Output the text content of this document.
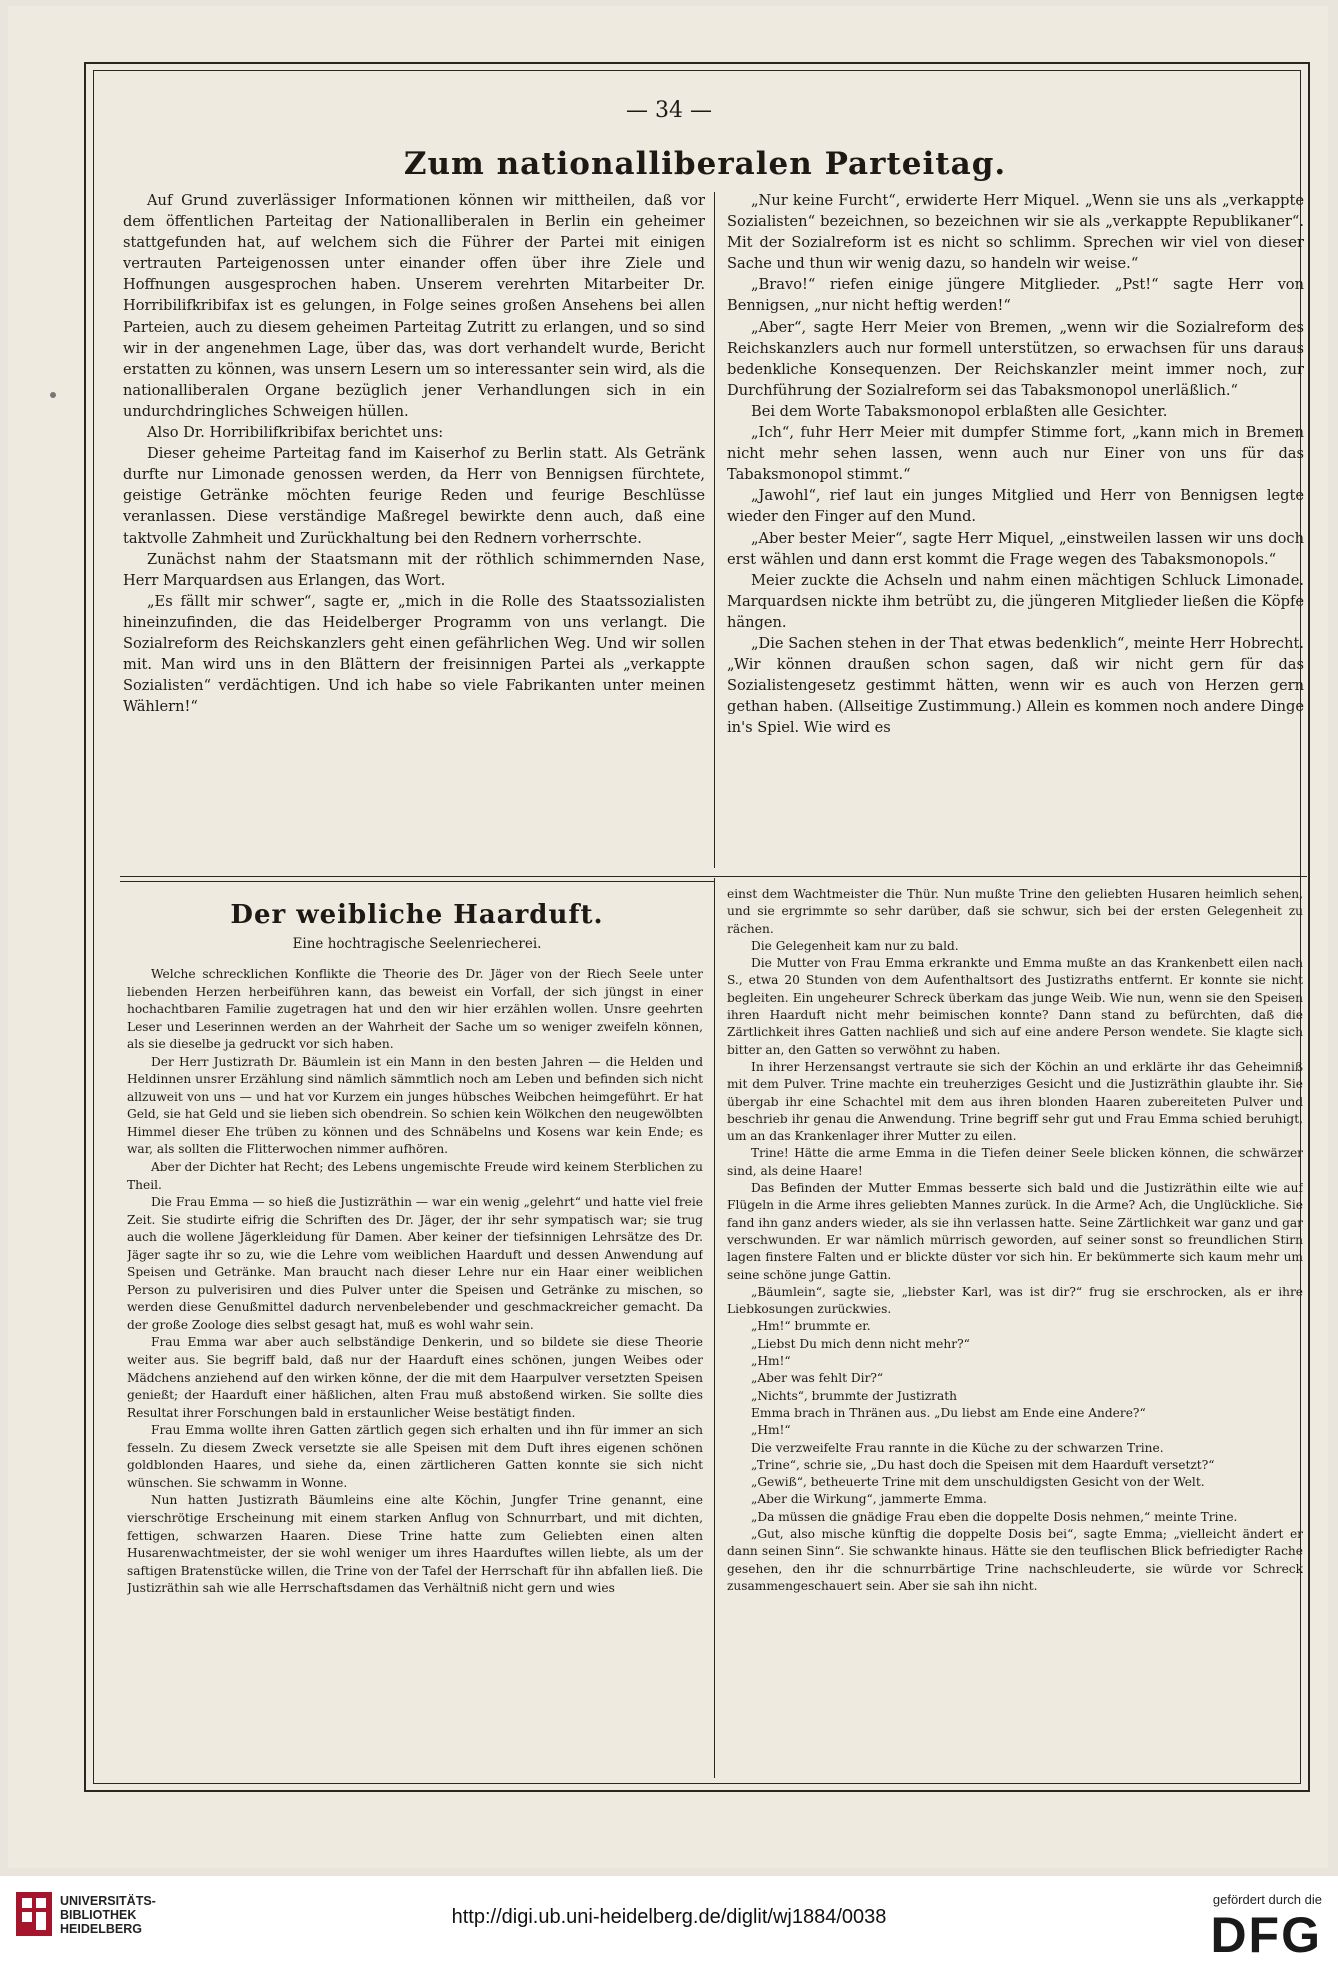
— 34 —
Zum nationalliberalen Parteitag.

Auf Grund zuverlässiger Informationen können wir mittheilen, daß vor dem öffentlichen Parteitag der Nationalliberalen in Berlin ein geheimer stattgefunden hat, auf welchem sich die Führer der Partei mit einigen vertrauten Parteigenossen unter einander offen über ihre Ziele und Hoffnungen ausgesprochen haben. Unserem verehrten Mitarbeiter Dr. Horribilifkribifax ist es gelungen, in Folge seines großen Ansehens bei allen Parteien, auch zu diesem geheimen Parteitag Zutritt zu erlangen, und so sind wir in der angenehmen Lage, über das, was dort verhandelt wurde, Bericht erstatten zu können, was unsern Lesern um so interessanter sein wird, als die nationalliberalen Organe bezüglich jener Verhandlungen sich in ein undurchdringliches Schweigen hüllen.

Also Dr. Horribilifkribifax berichtet uns:

Dieser geheime Parteitag fand im Kaiserhof zu Berlin statt. Als Getränk durfte nur Limonade genossen werden, da Herr von Bennigsen fürchtete, geistige Getränke möchten feurige Reden und feurige Beschlüsse veranlassen. Diese verständige Maßregel bewirkte denn auch, daß eine taktvolle Zahmheit und Zurückhaltung bei den Rednern vorherrschte.

Zunächst nahm der Staatsmann mit der röthlich schimmernden Nase, Herr Marquardsen aus Erlangen, das Wort.

„Es fällt mir schwer“, sagte er, „mich in die Rolle des Staatssozialisten hineinzufinden, die das Heidelberger Programm von uns verlangt. Die Sozialreform des Reichskanzlers geht einen gefährlichen Weg. Und wir sollen mit. Man wird uns in den Blättern der freisinnigen Partei als „verkappte Sozialisten“ verdächtigen. Und ich habe so viele Fabrikanten unter meinen Wählern!“

„Nur keine Furcht“, erwiderte Herr Miquel. „Wenn sie uns als „verkappte Sozialisten“ bezeichnen, so bezeichnen wir sie als „verkappte Republikaner“. Mit der Sozialreform ist es nicht so schlimm. Sprechen wir viel von dieser Sache und thun wir wenig dazu, so handeln wir weise.“

„Bravo!“ riefen einige jüngere Mitglieder. „Pst!“ sagte Herr von Bennigsen, „nur nicht heftig werden!“

„Aber“, sagte Herr Meier von Bremen, „wenn wir die Sozialreform des Reichskanzlers auch nur formell unterstützen, so erwachsen für uns daraus bedenkliche Konsequenzen. Der Reichskanzler meint immer noch, zur Durchführung der Sozialreform sei das Tabaksmonopol unerläßlich.“

Bei dem Worte Tabaksmonopol erblaßten alle Gesichter.

„Ich“, fuhr Herr Meier mit dumpfer Stimme fort, „kann mich in Bremen nicht mehr sehen lassen, wenn auch nur Einer von uns für das Tabaksmonopol stimmt.“

„Jawohl“, rief laut ein junges Mitglied und Herr von Bennigsen legte wieder den Finger auf den Mund.

„Aber bester Meier“, sagte Herr Miquel, „einstweilen lassen wir uns doch erst wählen und dann erst kommt die Frage wegen des Tabaksmonopols.“

Meier zuckte die Achseln und nahm einen mächtigen Schluck Limonade. Marquardsen nickte ihm betrübt zu, die jüngeren Mitglieder ließen die Köpfe hängen.

„Die Sachen stehen in der That etwas bedenklich“, meinte Herr Hobrecht. „Wir können draußen schon sagen, daß wir nicht gern für das Sozialistengesetz gestimmt hätten, wenn wir es auch von Herzen gern gethan haben. (Allseitige Zustimmung.) Allein es kommen noch andere Dinge in's Spiel. Wie wird es

Der weibliche Haarduft.
Eine hochtragische Seelenriecherei.

Welche schrecklichen Konflikte die Theorie des Dr. Jäger von der Riech Seele unter liebenden Herzen herbeiführen kann, das beweist ein Vorfall, der sich jüngst in einer hochachtbaren Familie zugetragen hat und den wir hier erzählen wollen. Unsre geehrten Leser und Leserinnen werden an der Wahrheit der Sache um so weniger zweifeln können, als sie dieselbe ja gedruckt vor sich haben.

Der Herr Justizrath Dr. Bäumlein ist ein Mann in den besten Jahren — die Helden und Heldinnen unsrer Erzählung sind nämlich sämmtlich noch am Leben und befinden sich nicht allzuweit von uns — und hat vor Kurzem ein junges hübsches Weibchen heimgeführt. Er hat Geld, sie hat Geld und sie lieben sich obendrein. So schien kein Wölkchen den neugewölbten Himmel dieser Ehe trüben zu können und des Schnäbelns und Kosens war kein Ende; es war, als sollten die Flitterwochen nimmer aufhören.

Aber der Dichter hat Recht; des Lebens ungemischte Freude wird keinem Sterblichen zu Theil.

Die Frau Emma — so hieß die Justizräthin — war ein wenig „gelehrt“ und hatte viel freie Zeit. Sie studirte eifrig die Schriften des Dr. Jäger, der ihr sehr sympatisch war; sie trug auch die wollene Jägerkleidung für Damen. Aber keiner der tiefsinnigen Lehrsätze des Dr. Jäger sagte ihr so zu, wie die Lehre vom weiblichen Haarduft und dessen Anwendung auf Speisen und Getränke. Man braucht nach dieser Lehre nur ein Haar einer weiblichen Person zu pulverisiren und dies Pulver unter die Speisen und Getränke zu mischen, so werden diese Genußmittel dadurch nervenbelebender und geschmackreicher gemacht. Da der große Zoologe dies selbst gesagt hat, muß es wohl wahr sein.

Frau Emma war aber auch selbständige Denkerin, und so bildete sie diese Theorie weiter aus. Sie begriff bald, daß nur der Haarduft eines schönen, jungen Weibes oder Mädchens anziehend auf den wirken könne, der die mit dem Haarpulver versetzten Speisen genießt; der Haarduft einer häßlichen, alten Frau muß abstoßend wirken. Sie sollte dies Resultat ihrer Forschungen bald in erstaunlicher Weise bestätigt finden.

Frau Emma wollte ihren Gatten zärtlich gegen sich erhalten und ihn für immer an sich fesseln. Zu diesem Zweck versetzte sie alle Speisen mit dem Duft ihres eigenen schönen goldblonden Haares, und siehe da, einen zärtlicheren Gatten konnte sie sich nicht wünschen. Sie schwamm in Wonne.

Nun hatten Justizrath Bäumleins eine alte Köchin, Jungfer Trine genannt, eine vierschrötige Erscheinung mit einem starken Anflug von Schnurrbart, und mit dichten, fettigen, schwarzen Haaren. Diese Trine hatte zum Geliebten einen alten Husarenwachtmeister, der sie wohl weniger um ihres Haarduftes willen liebte, als um der saftigen Bratenstücke willen, die Trine von der Tafel der Herrschaft für ihn abfallen ließ. Die Justizräthin sah wie alle Herrschaftsdamen das Verhältniß nicht gern und wies

einst dem Wachtmeister die Thür. Nun mußte Trine den geliebten Husaren heimlich sehen, und sie ergrimmte so sehr darüber, daß sie schwur, sich bei der ersten Gelegenheit zu rächen.

Die Gelegenheit kam nur zu bald.

Die Mutter von Frau Emma erkrankte und Emma mußte an das Krankenbett eilen nach S., etwa 20 Stunden von dem Aufenthaltsort des Justizraths entfernt. Er konnte sie nicht begleiten. Ein ungeheurer Schreck überkam das junge Weib. Wie nun, wenn sie den Speisen ihren Haarduft nicht mehr beimischen konnte? Dann stand zu befürchten, daß die Zärtlichkeit ihres Gatten nachließ und sich auf eine andere Person wendete. Sie klagte sich bitter an, den Gatten so verwöhnt zu haben.

In ihrer Herzensangst vertraute sie sich der Köchin an und erklärte ihr das Geheimniß mit dem Pulver. Trine machte ein treuherziges Gesicht und die Justizräthin glaubte ihr. Sie übergab ihr eine Schachtel mit dem aus ihren blonden Haaren zubereiteten Pulver und beschrieb ihr genau die Anwendung. Trine begriff sehr gut und Frau Emma schied beruhigt, um an das Krankenlager ihrer Mutter zu eilen.

Trine! Hätte die arme Emma in die Tiefen deiner Seele blicken können, die schwärzer sind, als deine Haare!

Das Befinden der Mutter Emmas besserte sich bald und die Justizräthin eilte wie auf Flügeln in die Arme ihres geliebten Mannes zurück. In die Arme? Ach, die Unglückliche. Sie fand ihn ganz anders wieder, als sie ihn verlassen hatte. Seine Zärtlichkeit war ganz und gar verschwunden. Er war nämlich mürrisch geworden, auf seiner sonst so freundlichen Stirn lagen finstere Falten und er blickte düster vor sich hin. Er bekümmerte sich kaum mehr um seine schöne junge Gattin.

„Bäumlein“, sagte sie, „liebster Karl, was ist dir?“ frug sie erschrocken, als er ihre Liebkosungen zurückwies.

„Hm!“ brummte er.

„Liebst Du mich denn nicht mehr?“

„Hm!“

„Aber was fehlt Dir?“

„Nichts“, brummte der Justizrath

Emma brach in Thränen aus. „Du liebst am Ende eine Andere?“

„Hm!“

Die verzweifelte Frau rannte in die Küche zu der schwarzen Trine.

„Trine“, schrie sie, „Du hast doch die Speisen mit dem Haarduft versetzt?“

„Gewiß“, betheuerte Trine mit dem unschuldigsten Gesicht von der Welt.

„Aber die Wirkung“, jammerte Emma.

„Da müssen die gnädige Frau eben die doppelte Dosis nehmen,“ meinte Trine.

„Gut, also mische künftig die doppelte Dosis bei“, sagte Emma; „vielleicht ändert er dann seinen Sinn“. Sie schwankte hinaus. Hätte sie den teuflischen Blick befriedigter Rache gesehen, den ihr die schnurrbärtige Trine nachschleuderte, sie würde vor Schreck zusammengeschauert sein. Aber sie sah ihn nicht.

UNIVERSITÄTS-
BIBLIOTHEK
HEIDELBERG
http://digi.ub.uni-heidelberg.de/diglit/wj1884/0038
gefördert durch die
DFG
